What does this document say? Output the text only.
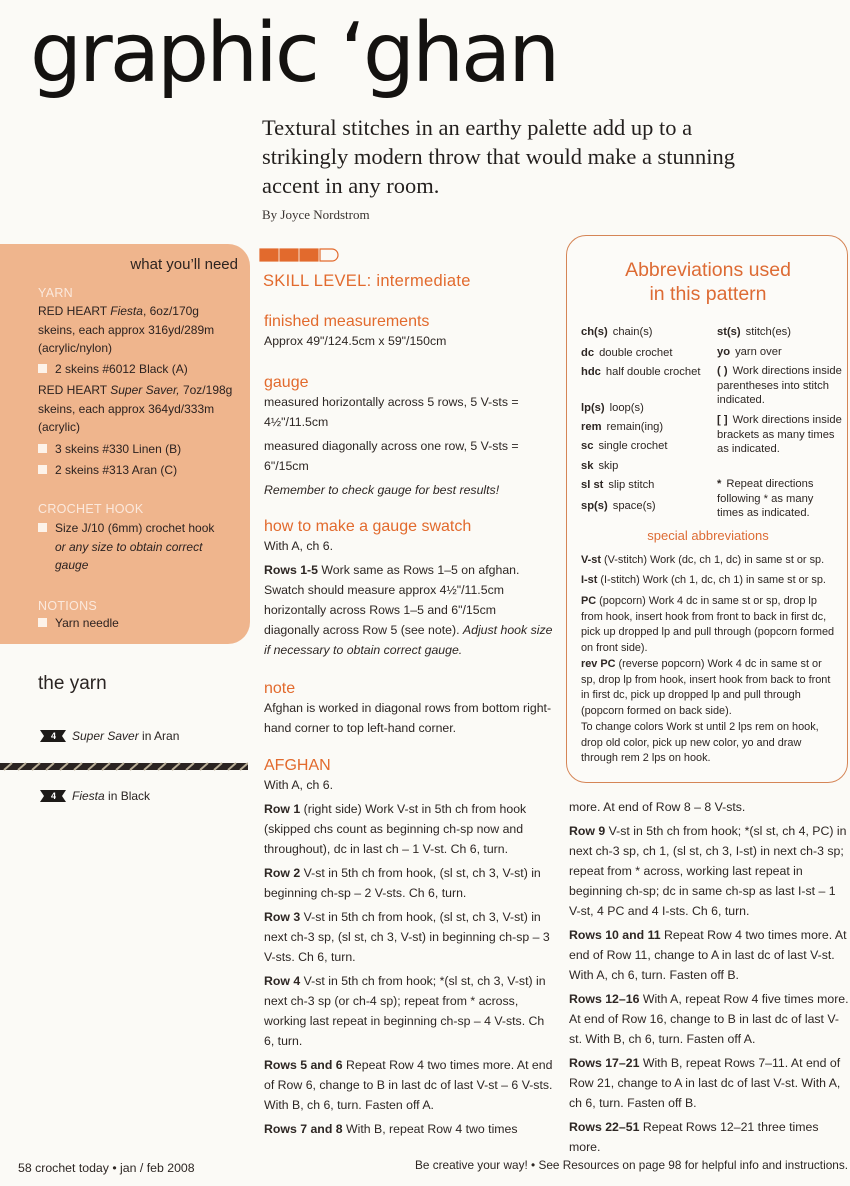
graphic ‘ghan
Textural stitches in an earthy palette add up to a strikingly modern throw that would make a stunning accent in any room.
By Joyce Nordstrom
what you’ll need
YARN
RED HEART Fiesta, 6oz/170g skeins, each approx 316yd/289m (acrylic/nylon)
2 skeins #6012 Black (A)
RED HEART Super Saver, 7oz/198g skeins, each approx 364yd/333m (acrylic)
3 skeins #330 Linen (B)
2 skeins #313 Aran (C)
CROCHET HOOK
Size J/10 (6mm) crochet hook or any size to obtain correct gauge
NOTIONS
Yarn needle
the yarn
4 Super Saver in Aran
4 Fiesta in Black
SKILL LEVEL: intermediate
finished measurements
Approx 49"/124.5cm x 59"/150cm
gauge
measured horizontally across 5 rows, 5 V-sts = 4½"/11.5cm
measured diagonally across one row, 5 V-sts = 6"/15cm
Remember to check gauge for best results!
how to make a gauge swatch
With A, ch 6.
Rows 1-5 Work same as Rows 1–5 on afghan. Swatch should measure approx 4½"/11.5cm horizontally across Rows 1–5 and 6"/15cm diagonally across Row 5 (see note). Adjust hook size if necessary to obtain correct gauge.
note
Afghan is worked in diagonal rows from bottom right-hand corner to top left-hand corner.
AFGHAN
With A, ch 6.
Row 1 (right side) Work V-st in 5th ch from hook (skipped chs count as beginning ch-sp now and throughout), dc in last ch – 1 V-st. Ch 6, turn.
Row 2 V-st in 5th ch from hook, (sl st, ch 3, V-st) in beginning ch-sp – 2 V-sts. Ch 6, turn.
Row 3 V-st in 5th ch from hook, (sl st, ch 3, V-st) in next ch-3 sp, (sl st, ch 3, V-st) in beginning ch-sp – 3 V-sts. Ch 6, turn.
Row 4 V-st in 5th ch from hook; *(sl st, ch 3, V-st) in next ch-3 sp (or ch-4 sp); repeat from * across, working last repeat in beginning ch-sp – 4 V-sts. Ch 6, turn.
Rows 5 and 6 Repeat Row 4 two times more. At end of Row 6, change to B in last dc of last V-st – 6 V-sts. With B, ch 6, turn. Fasten off A.
Rows 7 and 8 With B, repeat Row 4 two times
Abbreviations used
in this pattern
ch(s) chain(s)
dc double crochet
hdc half double crochet
lp(s) loop(s)
rem remain(ing)
sc single crochet
sk skip
sl st slip stitch
sp(s) space(s)
st(s) stitch(es)
yo yarn over
( ) Work directions inside parentheses into stitch indicated.
[ ] Work directions inside brackets as many times as indicated.
* Repeat directions following * as many times as indicated.
special abbreviations
V-st (V-stitch) Work (dc, ch 1, dc) in same st or sp.
I-st (I-stitch) Work (ch 1, dc, ch 1) in same st or sp.
PC (popcorn) Work 4 dc in same st or sp, drop lp from hook, insert hook from front to back in first dc, pick up dropped lp and pull through (popcorn formed on front side).
rev PC (reverse popcorn) Work 4 dc in same st or sp, drop lp from hook, insert hook from back to front in first dc, pick up dropped lp and pull through (popcorn formed on back side).
To change colors Work st until 2 lps rem on hook, drop old color, pick up new color, yo and draw through rem 2 lps on hook.
more. At end of Row 8 – 8 V-sts.
Row 9 V-st in 5th ch from hook; *(sl st, ch 4, PC) in next ch-3 sp, ch 1, (sl st, ch 3, I-st) in next ch-3 sp; repeat from * across, working last repeat in beginning ch-sp; dc in same ch-sp as last I-st – 1 V-st, 4 PC and 4 I-sts. Ch 6, turn.
Rows 10 and 11 Repeat Row 4 two times more. At end of Row 11, change to A in last dc of last V-st. With A, ch 6, turn. Fasten off B.
Rows 12–16 With A, repeat Row 4 five times more. At end of Row 16, change to B in last dc of last V-st. With B, ch 6, turn. Fasten off A.
Rows 17–21 With B, repeat Rows 7–11. At end of Row 21, change to A in last dc of last V-st. With A, ch 6, turn. Fasten off B.
Rows 22–51 Repeat Rows 12–21 three times more.
58 crochet today • jan / feb 2008	Be creative your way! • See Resources on page 98 for helpful info and instructions.
